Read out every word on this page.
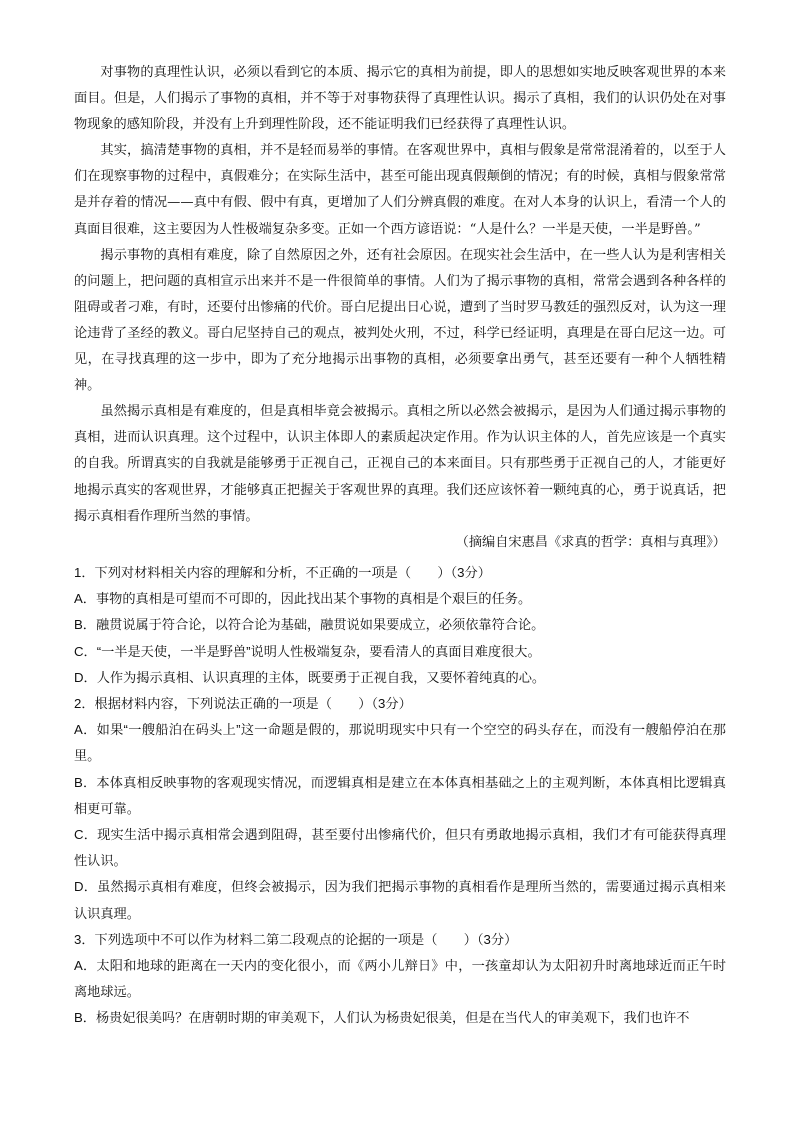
对事物的真理性认识，必须以看到它的本质、揭示它的真相为前提，即人的思想如实地反映客观世界的本来面目。但是，人们揭示了事物的真相，并不等于对事物获得了真理性认识。揭示了真相，我们的认识仍处在对事物现象的感知阶段，并没有上升到理性阶段，还不能证明我们已经获得了真理性认识。

其实，搞清楚事物的真相，并不是轻而易举的事情。在客观世界中，真相与假象是常常混淆着的，以至于人们在现察事物的过程中，真假难分；在实际生活中，甚至可能出现真假颠倒的情况；有的时候，真相与假象常常是并存着的情况——真中有假、假中有真，更增加了人们分辨真假的难度。在对人本身的认识上，看清一个人的真面目很难，这主要因为人性极端复杂多变。正如一个西方谚语说：“人是什么？一半是天使，一半是野兽。”

揭示事物的真相有难度，除了自然原因之外，还有社会原因。在现实社会生活中，在一些人认为是利害相关的问题上，把问题的真相宣示出来并不是一件很简单的事情。人们为了揭示事物的真相，常常会遇到各种各样的阻碍或者刁难，有时，还要付出惨痛的代价。哥白尼提出日心说，遭到了当时罗马教廷的强烈反对，认为这一理论违背了圣经的教义。哥白尼坚持自己的观点，被判处火刑，不过，科学已经证明，真理是在哥白尼这一边。可见，在寻找真理的这一步中，即为了充分地揭示出事物的真相，必须要拿出勇气，甚至还要有一种个人牺牲精神。

虽然揭示真相是有难度的，但是真相毕竟会被揭示。真相之所以必然会被揭示，是因为人们通过揭示事物的真相，进而认识真理。这个过程中，认识主体即人的素质起决定作用。作为认识主体的人，首先应该是一个真实的自我。所谓真实的自我就是能够勇于正视自己，正视自己的本来面目。只有那些勇于正视自己的人，才能更好地揭示真实的客观世界，才能够真正把握关于客观世界的真理。我们还应该怀着一颗纯真的心，勇于说真话，把揭示真相看作理所当然的事情。

（摘编自宋惠昌《求真的哲学：真相与真理》）

1．下列对材料相关内容的理解和分析，不正确的一项是（　　）（3分）

A．事物的真相是可望而不可即的，因此找出某个事物的真相是个艰巨的任务。

B．融贯说属于符合论，以符合论为基础，融贯说如果要成立，必须依靠符合论。

C．“一半是天使，一半是野兽”说明人性极端复杂，要看清人的真面目难度很大。

D．人作为揭示真相、认识真理的主体，既要勇于正视自我，又要怀着纯真的心。

2．根据材料内容，下列说法正确的一项是（　　）（3分）

A．如果“一艘船泊在码头上”这一命题是假的，那说明现实中只有一个空空的码头存在，而没有一艘船停泊在那里。

B．本体真相反映事物的客观现实情况，而逻辑真相是建立在本体真相基础之上的主观判断，本体真相比逻辑真相更可靠。

C．现实生活中揭示真相常会遇到阻碍，甚至要付出惨痛代价，但只有勇敢地揭示真相，我们才有可能获得真理性认识。

D．虽然揭示真相有难度，但终会被揭示，因为我们把揭示事物的真相看作是理所当然的，需要通过揭示真相来认识真理。

3．下列选项中不可以作为材料二第二段观点的论据的一项是（　　）（3分）

A．太阳和地球的距离在一天内的变化很小，而《两小儿辩日》中，一孩童却认为太阳初升时离地球近而正午时离地球远。

B．杨贵妃很美吗？在唐朝时期的审美观下，人们认为杨贵妃很美，但是在当代人的审美观下，我们也许不
